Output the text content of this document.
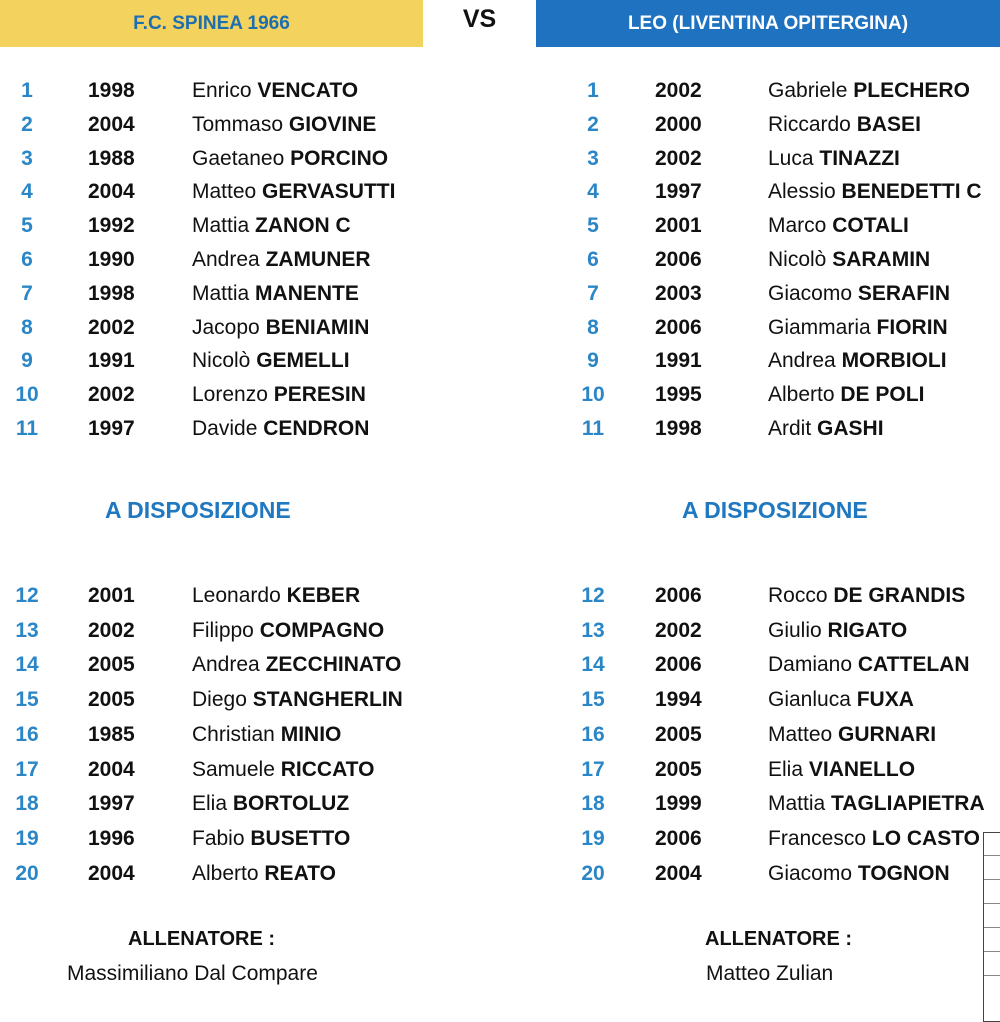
F.C. SPINEA 1966	VS	LEO (LIVENTINA OPITERGINA)
1	1998	Enrico VENCATO
2	2004	Tommaso GIOVINE
3	1988	Gaetaneo PORCINO
4	2004	Matteo GERVASUTTI
5	1992	Mattia ZANON C
6	1990	Andrea ZAMUNER
7	1998	Mattia MANENTE
8	2002	Jacopo BENIAMIN
9	1991	Nicolò GEMELLI
10	2002	Lorenzo PERESIN
11	1997	Davide CENDRON
A DISPOSIZIONE
12	2001	Leonardo KEBER
13	2002	Filippo COMPAGNO
14	2005	Andrea ZECCHINATO
15	2005	Diego STANGHERLIN
16	1985	Christian MINIO
17	2004	Samuele RICCATO
18	1997	Elia BORTOLUZ
19	1996	Fabio BUSETTO
20	2004	Alberto REATO
ALLENATORE :
Massimiliano Dal Compare
1	2002	Gabriele PLECHERO
2	2000	Riccardo BASEI
3	2002	Luca TINAZZI
4	1997	Alessio BENEDETTI C
5	2001	Marco COTALI
6	2006	Nicolò SARAMIN
7	2003	Giacomo SERAFIN
8	2006	Giammaria FIORIN
9	1991	Andrea MORBIOLI
10	1995	Alberto DE POLI
11	1998	Ardit GASHI
A DISPOSIZIONE
12	2006	Rocco DE GRANDIS
13	2002	Giulio RIGATO
14	2006	Damiano CATTELAN
15	1994	Gianluca FUXA
16	2005	Matteo GURNARI
17	2005	Elia VIANELLO
18	1999	Mattia TAGLIAPIETRA
19	2006	Francesco LO CASTO
20	2004	Giacomo TOGNON
ALLENATORE :
Matteo Zulian
